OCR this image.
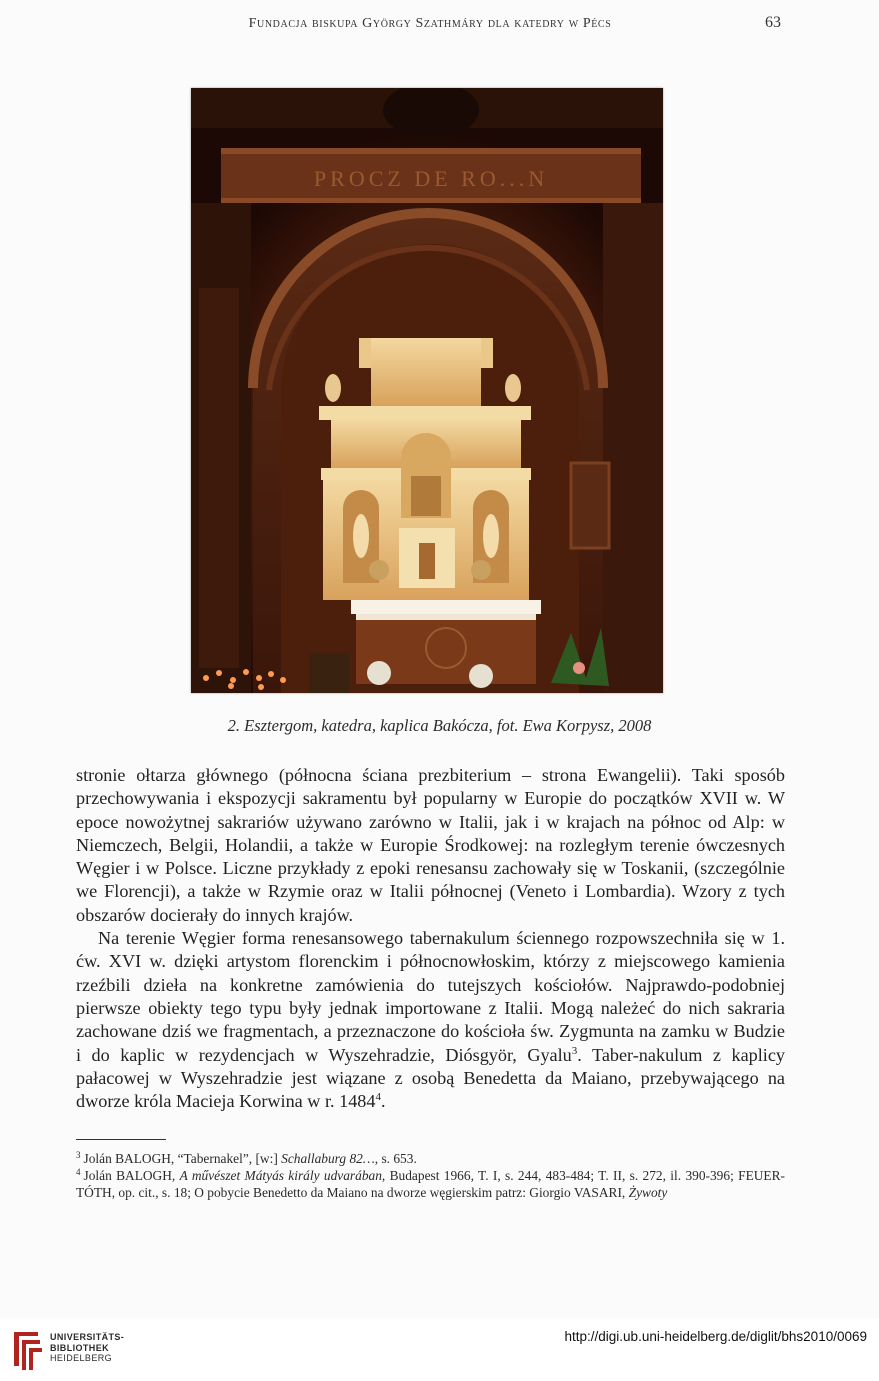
Fundacja biskupa György Szathmáry dla katedry w Pécs	63
PROCZ DE RO...N
2. Esztergom, katedra, kaplica Bakócza, fot. Ewa Korpysz, 2008

stronie ołtarza głównego (północna ściana prezbiterium – strona Ewangelii). Taki sposób przechowywania i ekspozycji sakramentu był popularny w Europie do początków XVII w. W epoce nowożytnej sakrariów używano zarówno w Italii, jak i w krajach na północ od Alp: w Niemczech, Belgii, Holandii, a także w Europie Środkowej: na rozległym terenie ówczesnych Węgier i w Polsce. Liczne przykłady z epoki renesansu zachowały się w Toskanii, (szczególnie we Florencji), a także w Rzymie oraz w Italii północnej (Veneto i Lombardia). Wzory z tych obszarów docierały do innych krajów.

Na terenie Węgier forma renesansowego tabernakulum ściennego rozpowszechniła się w 1. ćw. XVI w. dzięki artystom florenckim i północnowłoskim, którzy z miejscowego kamienia rzeźbili dzieła na konkretne zamówienia do tutejszych kościołów. Najprawdo-podobniej pierwsze obiekty tego typu były jednak importowane z Italii. Mogą należeć do nich sakraria zachowane dziś we fragmentach, a przeznaczone do kościoła św. Zygmunta na zamku w Budzie i do kaplic w rezydencjach w Wyszehradzie, Diósgyör, Gyalu$^3$. Taber-nakulum z kaplicy pałacowej w Wyszehradzie jest wiązane z osobą Benedetta da Maiano, przebywającego na dworze króla Macieja Korwina w r. 1484$^4$.

$^3$ Jolán BALOGH, “Tabernakel”, [w:] Schallaburg 82…, s. 653.

$^4$ Jolán BALOGH, A művészet Mátyás király udvarában, Budapest 1966, T. I, s. 244, 483-484; T. II, s. 272, il. 390-396; FEUER-TÓTH, op. cit., s. 18; O pobycie Benedetto da Maiano na dworze węgierskim patrz: Giorgio VASARI, Żywoty

UNIVERSITÄTS-
BIBLIOTHEK
HEIDELBERG
http://digi.ub.uni-heidelberg.de/diglit/bhs2010/0069
